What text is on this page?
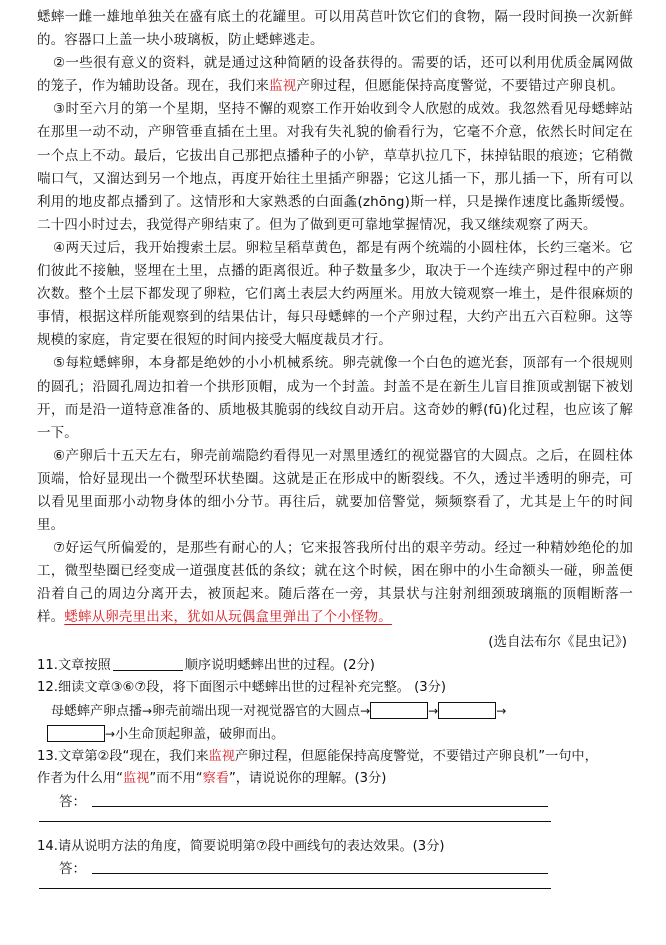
蟋蟀一雌一雄地单独关在盛有底土的花罐里。可以用莴苣叶饮它们的食物，隔一段时间换一次新鲜的。容器口上盖一块小玻璃板，防止蟋蟀逃走。

②一些很有意义的资料，就是通过这种简陋的设备获得的。需要的话，还可以利用优质金属网做的笼子，作为辅助设备。现在，我们来监视产卵过程，但愿能保持高度警觉，不要错过产卵良机。

③时至六月的第一个星期，坚持不懈的观察工作开始收到令人欣慰的成效。我忽然看见母蟋蟀站在那里一动不动，产卵管垂直插在土里。对我有失礼貌的偷看行为，它毫不介意，依然长时间定在一个点上不动。最后，它拔出自己那把点播种子的小铲，草草扒拉几下，抹掉钻眼的痕迹；它稍微喘口气，又溜达到另一个地点，再度开始往土里插产卵器；它这儿插一下，那儿插一下，所有可以利用的地皮都点播到了。这情形和大家熟悉的白面螽(zhōng)斯一样，只是操作速度比螽斯缓慢。二十四小时过去，我觉得产卵结束了。但为了做到更可靠地掌握情况，我又继续观察了两天。

④两天过后，我开始搜索土层。卵粒呈稻草黄色，都是有两个统端的小圆柱体，长约三毫米。它们彼此不接触，竖埋在土里，点播的距离很近。种子数量多少，取决于一个连续产卵过程中的产卵次数。整个土层下都发现了卵粒，它们离土表层大约两厘米。用放大镜观察一堆土，是件很麻烦的事情，根据这样所能观察到的结果估计，每只母蟋蟀的一个产卵过程，大约产出五六百粒卵。这等规模的家庭，肯定要在很短的时间内接受大幅度裁员才行。

⑤每粒蟋蟀卵，本身都是绝妙的小小机械系统。卵壳就像一个白色的遮光套，顶部有一个很规则的圆孔；沿圆孔周边扣着一个拱形顶帽，成为一个封盖。封盖不是在新生儿盲目推顶或割锯下被划开，而是沿一道特意准备的、质地极其脆弱的线纹自动开启。这奇妙的孵(fū)化过程，也应该了解一下。

⑥产卵后十五天左右，卵壳前端隐约看得见一对黑里透红的视觉器官的大圆点。之后，在圆柱体顶端，恰好显现出一个微型环状垫圈。这就是正在形成中的断裂线。不久，透过半透明的卵壳，可以看见里面那小动物身体的细小分节。再往后，就要加倍警觉，频频察看了，尤其是上午的时间里。

⑦好运气所偏爱的，是那些有耐心的人；它来报答我所付出的艰辛劳动。经过一种精妙绝伦的加工，微型垫圈已经变成一道强度甚低的条纹；就在这个时候，困在卵中的小生命额头一碰，卵盖便沿着自己的周边分离开去，被顶起来。随后落在一旁，其景状与注射剂细颈玻璃瓶的顶帽断落一样。蟋蟀从卵壳里出来，犹如从玩偶盒里弹出了个小怪物。

(选自法布尔《昆虫记》)

11.文章按照	顺序说明蟋蟀出世的过程。(2分)

12.细读文章③⑥⑦段，将下面图示中蟋蟀出世的过程补充完整。 (3分)

母蟋蟀产卵点播→卵壳前端出现一对视觉器官的大圆点→	→	→

→小生命顶起卵盖，破卵而出。

13.文章第②段“现在，我们来监视产卵过程，但愿能保持高度警觉，不要错过产卵良机”一句中，

作者为什么用“监视”而不用“察看”，请说说你的理解。(3分)

答：

14.请从说明方法的角度，简要说明第⑦段中画线句的表达效果。(3分)

答：
